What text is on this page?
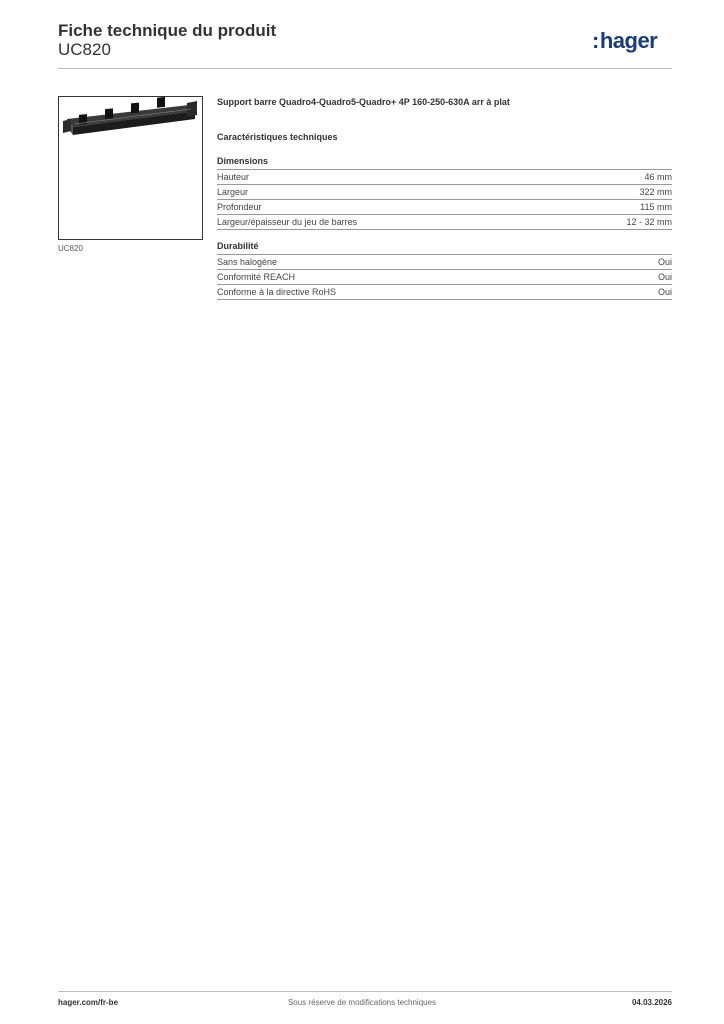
Fiche technique du produit
UC820	:hager
UC820
Support barre Quadro4-Quadro5-Quadro+ 4P 160-250-630A arr à plat
Caractéristiques techniques
Dimensions
Hauteur	46 mm
Largeur	322 mm
Profondeur	115 mm
Largeur/épaisseur du jeu de barres	12 - 32 mm
Durabilité
Sans halogène	Oui
Conformité REACH	Oui
Conforme à la directive RoHS	Oui
hager.com/fr-be	Sous réserve de modifications techniques	04.03.2026
